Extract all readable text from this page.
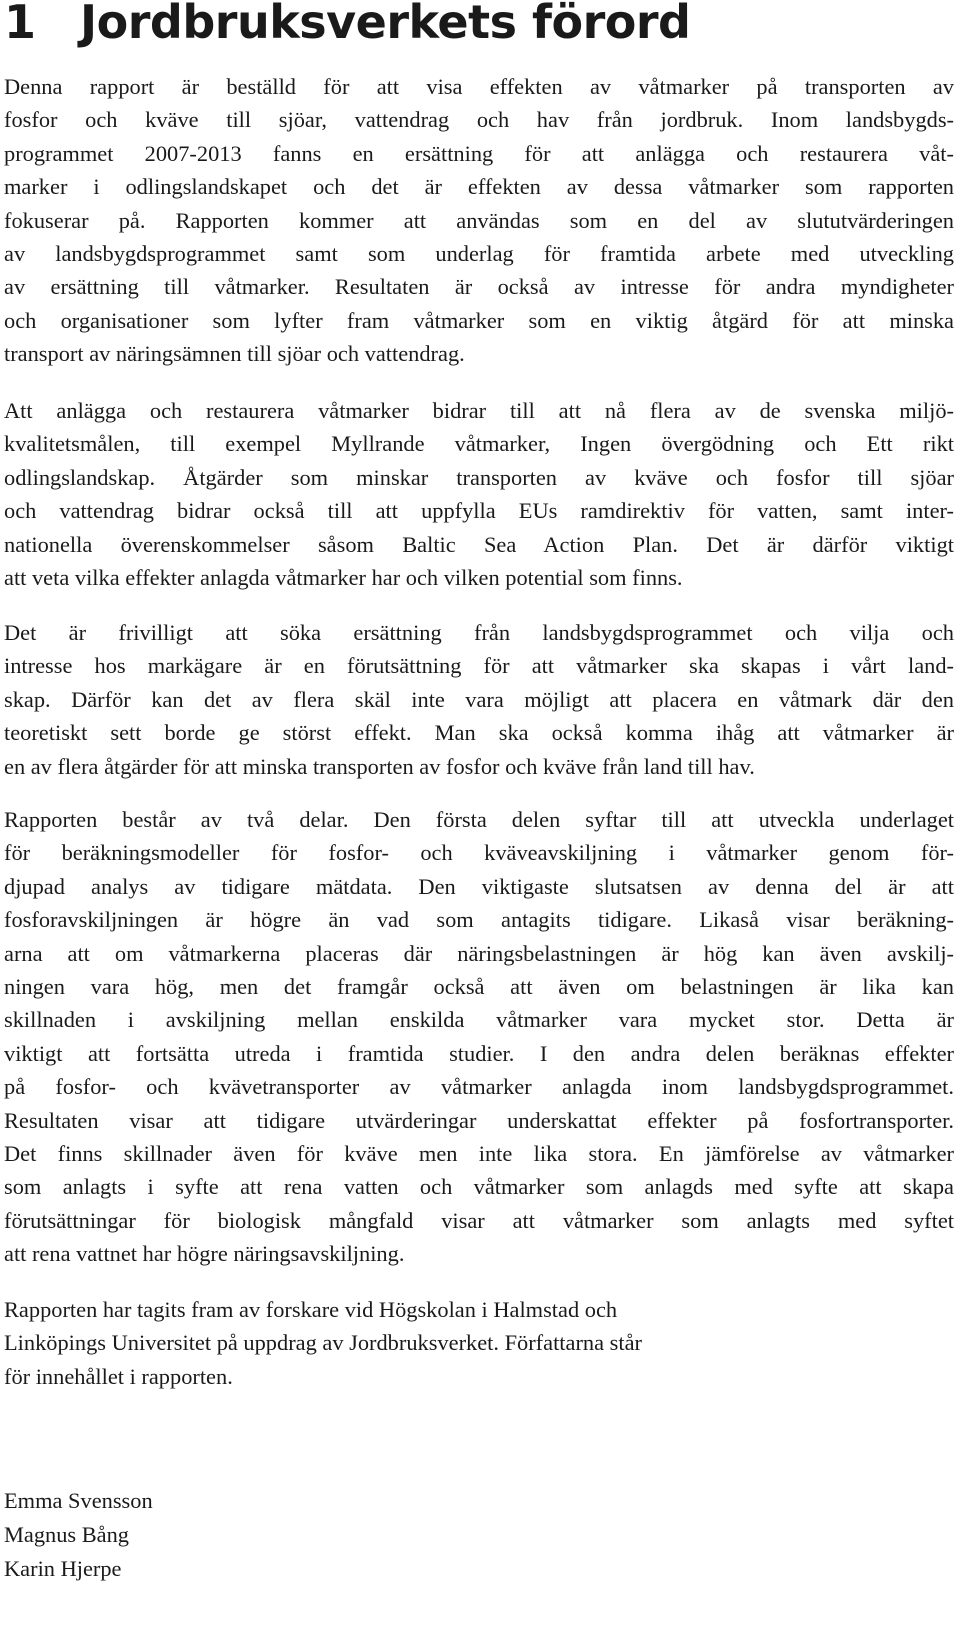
1 Jordbruksverkets förord

Denna rapport är beställd för att visa effekten av våtmarker på transporten av
fosfor och kväve till sjöar, vattendrag och hav från jordbruk. Inom landsbygds-
programmet 2007-2013 fanns en ersättning för att anlägga och restaurera våt-
marker i odlingslandskapet och det är effekten av dessa våtmarker som rapporten
fokuserar på. Rapporten kommer att användas som en del av slututvärderingen
av landsbygdsprogrammet samt som underlag för framtida arbete med utveckling
av ersättning till våtmarker. Resultaten är också av intresse för andra myndigheter
och organisationer som lyfter fram våtmarker som en viktig åtgärd för att minska
transport av näringsämnen till sjöar och vattendrag.

Att anlägga och restaurera våtmarker bidrar till att nå flera av de svenska miljö-
kvalitetsmålen, till exempel Myllrande våtmarker, Ingen övergödning och Ett rikt
odlingslandskap. Åtgärder som minskar transporten av kväve och fosfor till sjöar
och vattendrag bidrar också till att uppfylla EUs ramdirektiv för vatten, samt inter-
nationella överenskommelser såsom Baltic Sea Action Plan. Det är därför viktigt
att veta vilka effekter anlagda våtmarker har och vilken potential som finns.

Det är frivilligt att söka ersättning från landsbygdsprogrammet och vilja och
intresse hos markägare är en förutsättning för att våtmarker ska skapas i vårt land-
skap. Därför kan det av flera skäl inte vara möjligt att placera en våtmark där den
teoretiskt sett borde ge störst effekt. Man ska också komma ihåg att våtmarker är
en av flera åtgärder för att minska transporten av fosfor och kväve från land till hav.

Rapporten består av två delar. Den första delen syftar till att utveckla underlaget
för beräkningsmodeller för fosfor- och kväveavskiljning i våtmarker genom för-
djupad analys av tidigare mätdata. Den viktigaste slutsatsen av denna del är att
fosforavskiljningen är högre än vad som antagits tidigare. Likaså visar beräkning-
arna att om våtmarkerna placeras där näringsbelastningen är hög kan även avskilj-
ningen vara hög, men det framgår också att även om belastningen är lika kan
skillnaden i avskiljning mellan enskilda våtmarker vara mycket stor. Detta är
viktigt att fortsätta utreda i framtida studier. I den andra delen beräknas effekter
på fosfor- och kvävetransporter av våtmarker anlagda inom landsbygdsprogrammet.
Resultaten visar att tidigare utvärderingar underskattat effekter på fosfortransporter.
Det finns skillnader även för kväve men inte lika stora. En jämförelse av våtmarker
som anlagts i syfte att rena vatten och våtmarker som anlagds med syfte att skapa
förutsättningar för biologisk mångfald visar att våtmarker som anlagts med syftet
att rena vattnet har högre näringsavskiljning.

Rapporten har tagits fram av forskare vid Högskolan i Halmstad och
Linköpings Universitet på uppdrag av Jordbruksverket. Författarna står
för innehållet i rapporten.

Emma Svensson
Magnus Bång
Karin Hjerpe
